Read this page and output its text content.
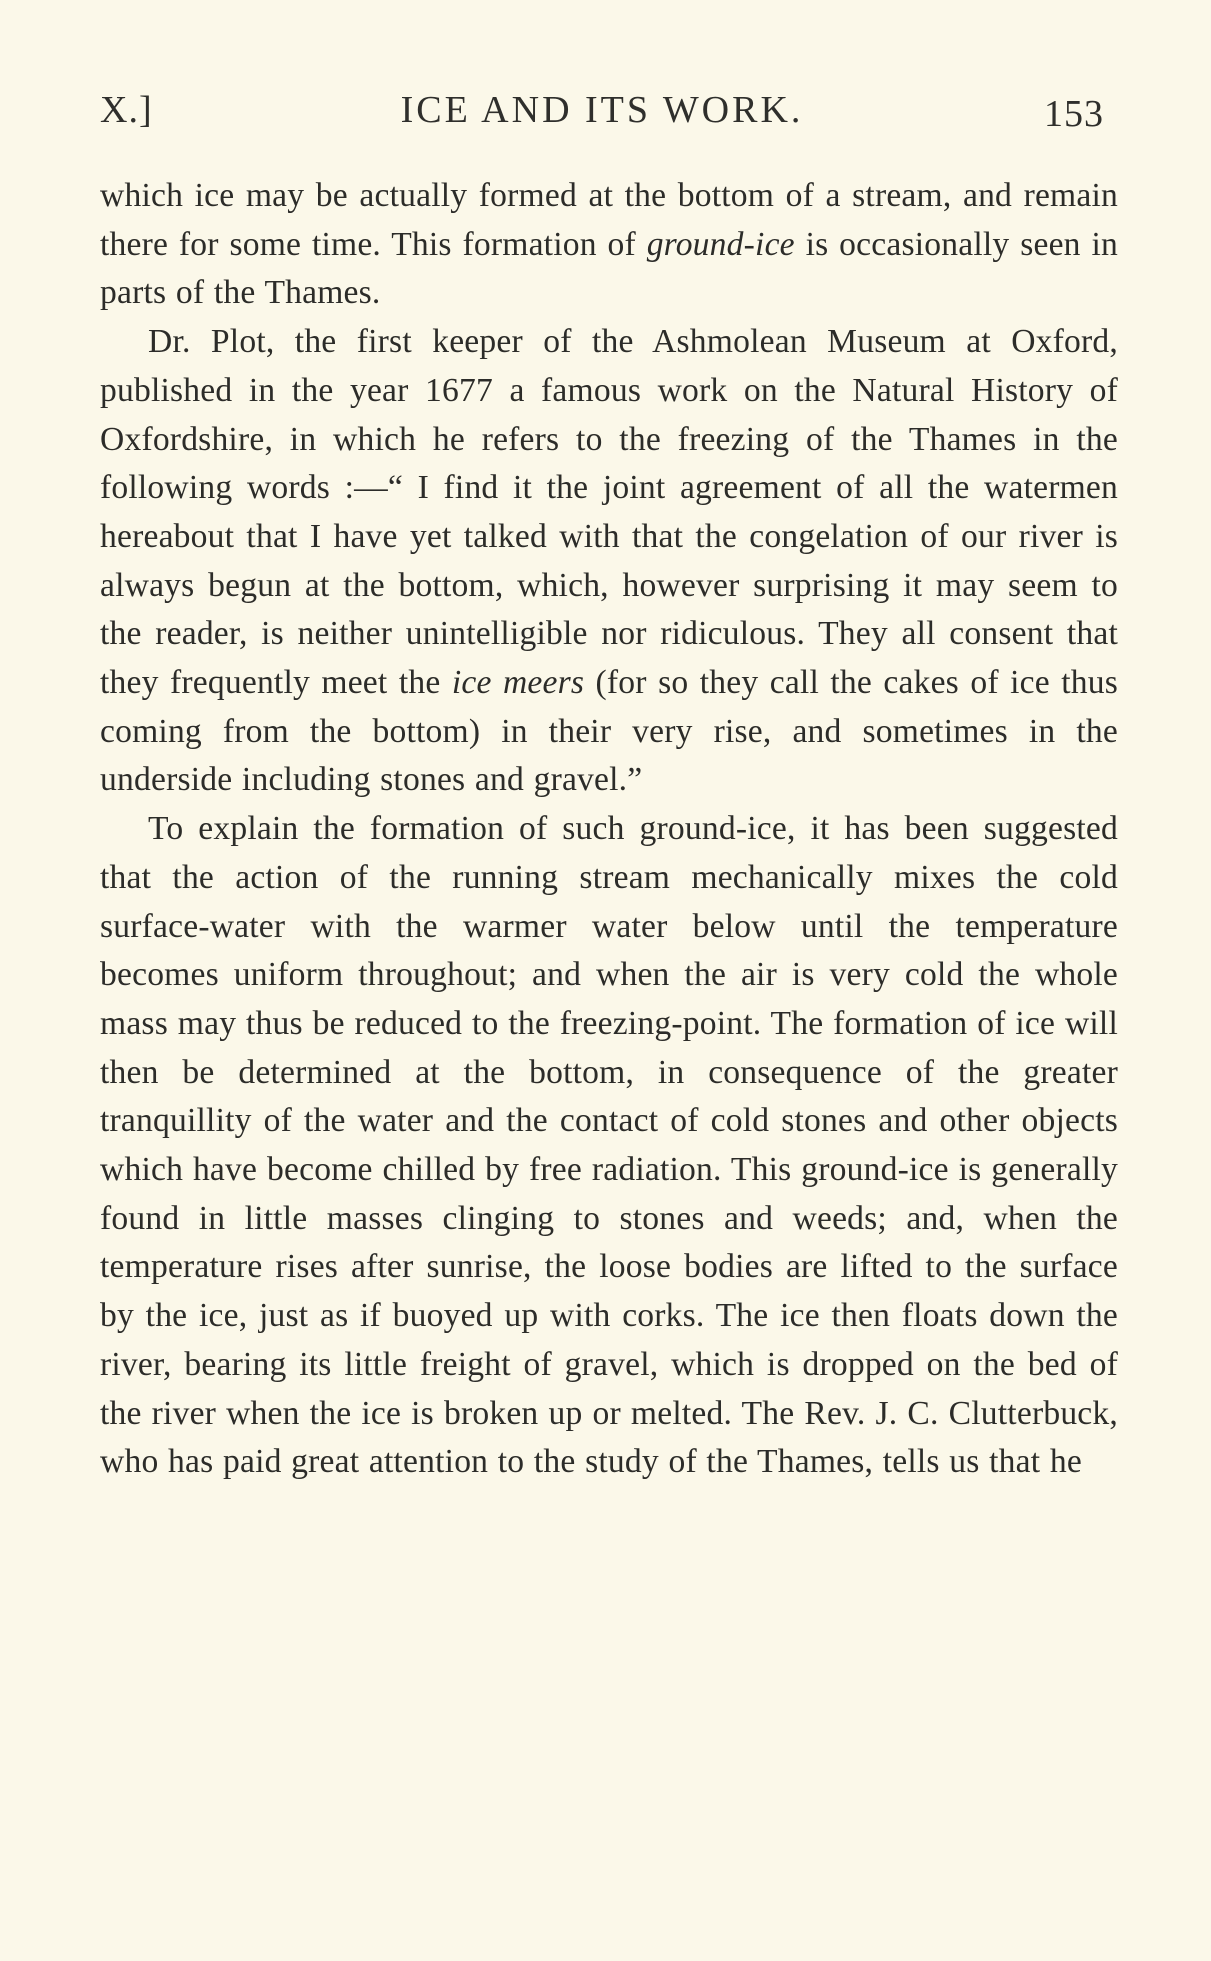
X.]	ICE AND ITS WORK.	153

which ice may be actually formed at the bottom of a stream, and remain there for some time. This formation of ground-ice is occasionally seen in parts of the Thames.

Dr. Plot, the first keeper of the Ashmolean Museum at Oxford, published in the year 1677 a famous work on the Natural History of Oxfordshire, in which he refers to the freezing of the Thames in the following words :—“ I find it the joint agreement of all the watermen hereabout that I have yet talked with that the congelation of our river is always begun at the bottom, which, however surprising it may seem to the reader, is neither unintelligible nor ridiculous. They all consent that they frequently meet the ice meers (for so they call the cakes of ice thus coming from the bottom) in their very rise, and sometimes in the underside including stones and gravel.”

To explain the formation of such ground-ice, it has been suggested that the action of the running stream mechanically mixes the cold surface-water with the warmer water below until the temperature becomes uniform throughout; and when the air is very cold the whole mass may thus be reduced to the freezing-point. The formation of ice will then be determined at the bottom, in consequence of the greater tranquillity of the water and the contact of cold stones and other objects which have become chilled by free radiation. This ground-ice is generally found in little masses clinging to stones and weeds; and, when the temperature rises after sunrise, the loose bodies are lifted to the surface by the ice, just as if buoyed up with corks. The ice then floats down the river, bearing its little freight of gravel, which is dropped on the bed of the river when the ice is broken up or melted. The Rev. J. C. Clutterbuck, who has paid great attention to the study of the Thames, tells us that he
